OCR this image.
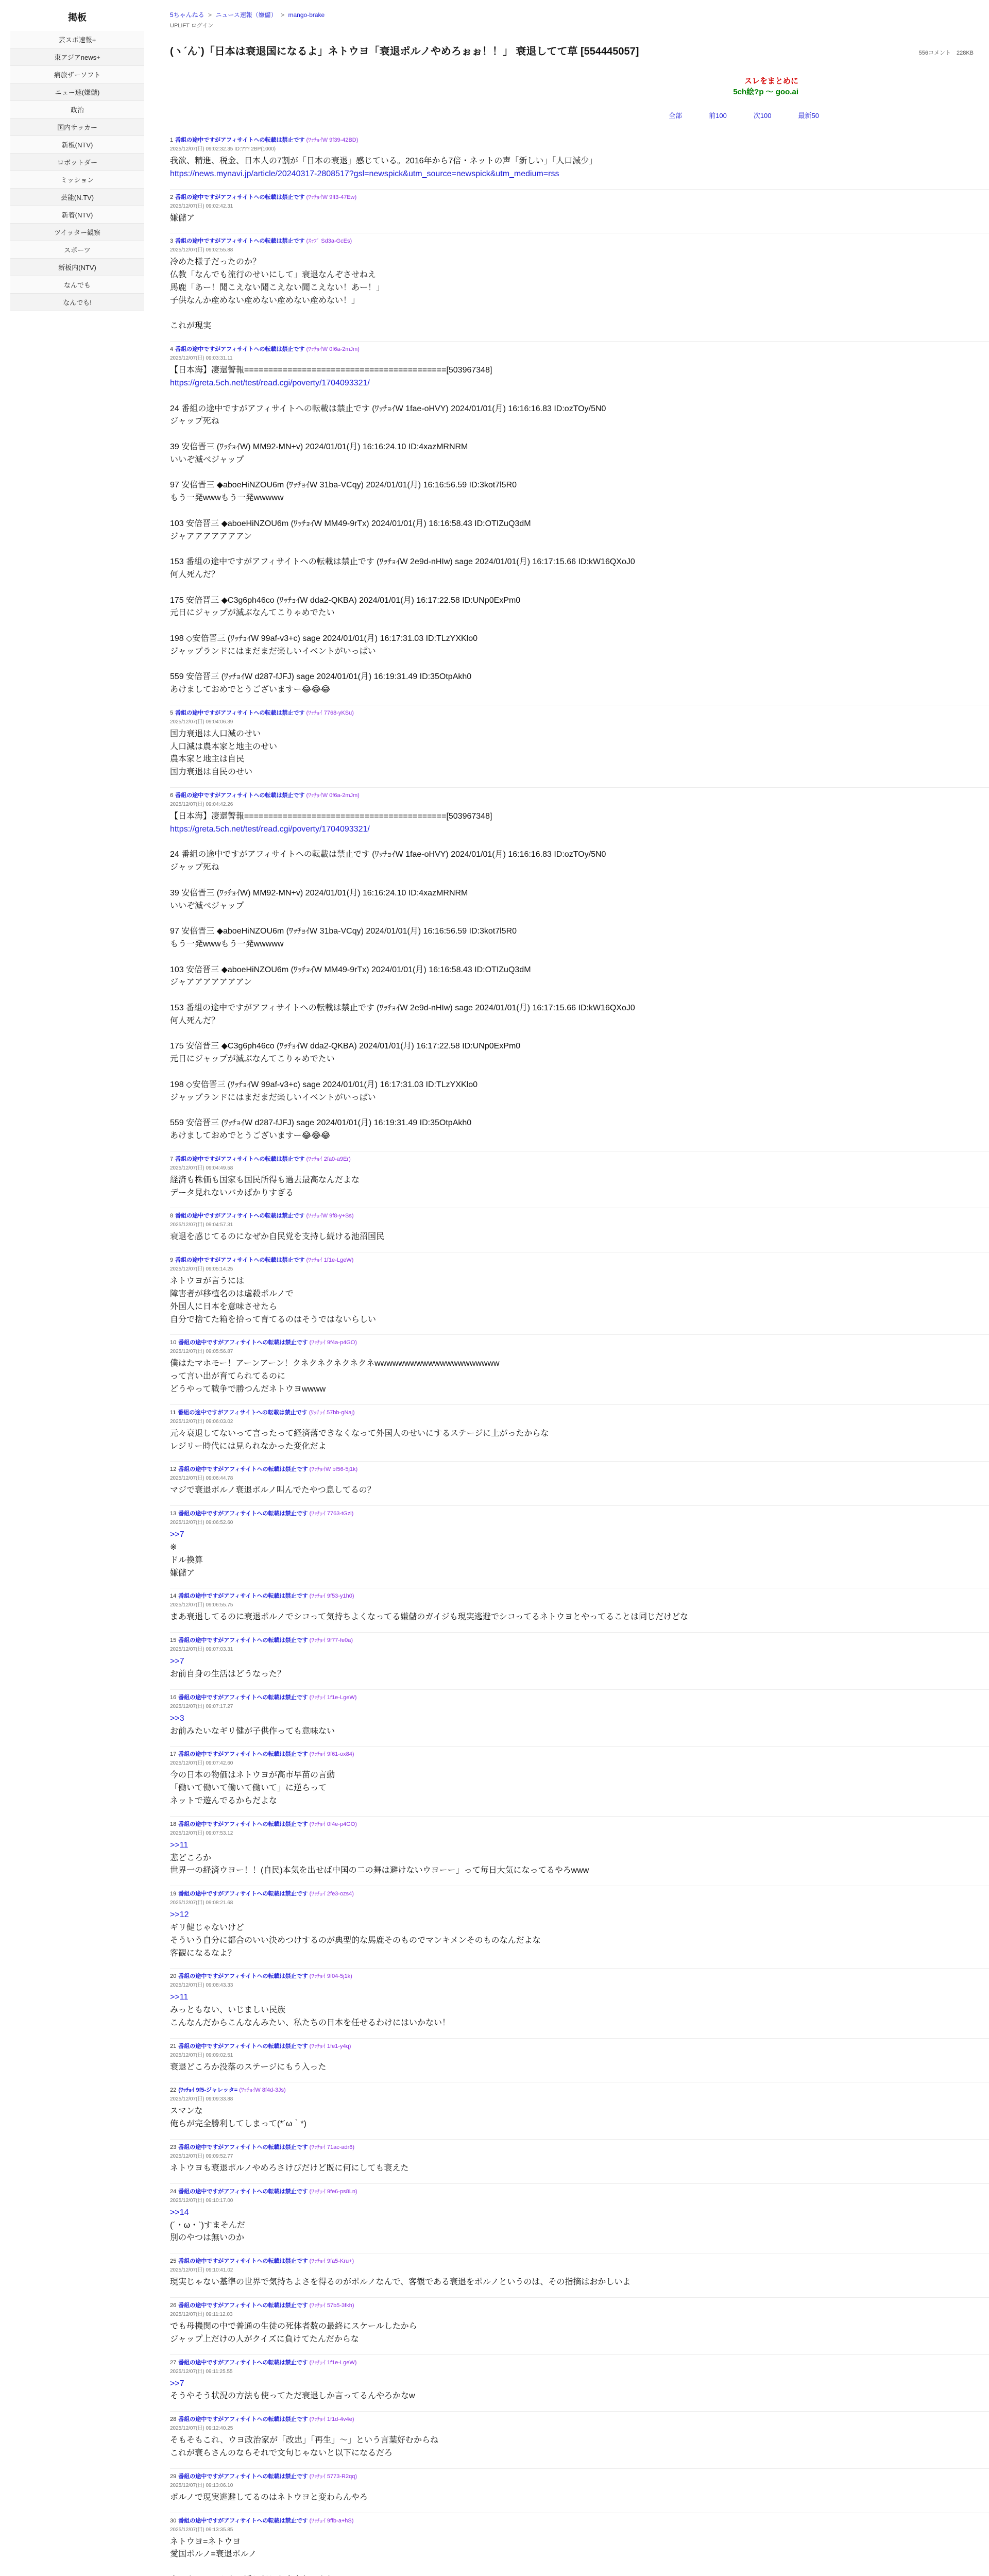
掲板
芸スポ速報+
東アジアnews+
痛旅ザーソフト
ニュー速(嫌儲)
政治
国内サッカー
新板(NTV)
ロボットダー
ミッション
芸能(N.TV)
新着(NTV)
ツイッター観察
スポーツ
新板内(NTV)
なんでも
なんでも!
5ちゃんねる > ニュース速報（嫌儲） > mango-brake
UPLIFT ログイン
(ヽ´ん`)「日本は衰退国になるよ」ネトウヨ「衰退ポルノやめろぉぉ！！」 衰退してて草 [554445057]	556コメント　228KB
スレをまとめに
5ch絵?p ～ goo.ai
全部	前100	次100	最新50
1 番組の途中ですがアフィサイトへの転載は禁止です (ﾜｯﾁｮｲW 9f39-42BD)
2025/12/07(日) 09:02:32.35 ID:??? 2BP(1000)
我欲、精進、税金、日本人の7割が「日本の衰退」感じている。2016年から7倍・ネットの声「新しい」「人口減少」
https://news.mynavi.jp/article/20240317-2808517?gsl=newspick&utm_source=newspick&utm_medium=rss
2 番組の途中ですがアフィサイトへの転載は禁止です (ﾜｯﾁｮｲW 9ff3-47Ew)
2025/12/07(日) 09:02:42.31
嫌儲ア
3 番組の途中ですがアフィサイトへの転載は禁止です (ｽｯﾌﾟ Sd3a-GcEs)
2025/12/07(日) 09:02:55.88
冷めた様子だったのか？
仏教「なんでも流行のせいにして」衰退なんぞさせねえ
馬鹿「あー！聞こえない聞こえない聞こえない！あー！」
子供なんか産めない産めない産めない産めない！」

これが現実
4 番組の途中ですがアフィサイトへの転載は禁止です (ﾜｯﾁｮｲW 0f6a-2mJm)
2025/12/07(日) 09:03:31.11
【日本海】凄還警報==========================================[503967348]
https://greta.5ch.net/test/read.cgi/poverty/1704093321/

24 番組の途中ですがアフィサイトへの転載は禁止です (ﾜｯﾁｮｲW 1fae-oHVY) 2024/01/01(月) 16:16:16.83 ID:ozTOy/5N0
ジャップ死ね

39 安倍晋三 (ﾜｯﾁｮｲW) MM92-MN+v) 2024/01/01(月) 16:16:24.10 ID:4xazMRNRM
いいぞ滅べジャップ

97 安倍晋三 ◆aboeHiNZOU6m (ﾜｯﾁｮｲW 31ba-VCqy) 2024/01/01(月) 16:16:56.59 ID:3kot7l5R0
もう一発wwwもう一発wwwww

103 安倍晋三 ◆aboeHiNZOU6m (ﾜｯﾁｮｲW MM49-9rTx) 2024/01/01(月) 16:16:58.43 ID:OTIZuQ3dM
ジャアアアアアアアン

153 番組の途中ですがアフィサイトへの転載は禁止です (ﾜｯﾁｮｲW 2e9d-nHIw) sage 2024/01/01(月) 16:17:15.66 ID:kW16QXoJ0
何人死んだ？

175 安倍晋三 ◆C3g6ph46co (ﾜｯﾁｮｲW dda2-QKBA) 2024/01/01(月) 16:17:22.58 ID:UNp0ExPm0
元日にジャップが滅ぶなんてこりゃめでたい

198 ◇安倍晋三 (ﾜｯﾁｮｲW 99af-v3+c) sage 2024/01/01(月) 16:17:31.03 ID:TLzYXKlo0
ジャップランドにはまだまだ楽しいイベントがいっぱい

559 安倍晋三 (ﾜｯﾁｮｲW d287-fJFJ) sage 2024/01/01(月) 16:19:31.49 ID:35OtpAkh0
あけましておめでとうございますー😂😂😂
5 番組の途中ですがアフィサイトへの転載は禁止です (ﾜｯﾁｮｲ 7768-yKSu)
2025/12/07(日) 09:04:06.39
国力衰退は人口減のせい
人口減は農本家と地主のせい
農本家と地主は自民
国力衰退は自民のせい
6 番組の途中ですがアフィサイトへの転載は禁止です (ﾜｯﾁｮｲW 0f6a-2mJm)
2025/12/07(日) 09:04:42.26
【日本海】凄還警報==========================================[503967348]
https://greta.5ch.net/test/read.cgi/poverty/1704093321/

24 番組の途中ですがアフィサイトへの転載は禁止です (ﾜｯﾁｮｲW 1fae-oHVY) 2024/01/01(月) 16:16:16.83 ID:ozTOy/5N0
ジャップ死ね

39 安倍晋三 (ﾜｯﾁｮｲW) MM92-MN+v) 2024/01/01(月) 16:16:24.10 ID:4xazMRNRM
いいぞ滅べジャップ

97 安倍晋三 ◆aboeHiNZOU6m (ﾜｯﾁｮｲW 31ba-VCqy) 2024/01/01(月) 16:16:56.59 ID:3kot7l5R0
もう一発wwwもう一発wwwww

103 安倍晋三 ◆aboeHiNZOU6m (ﾜｯﾁｮｲW MM49-9rTx) 2024/01/01(月) 16:16:58.43 ID:OTIZuQ3dM
ジャアアアアアアアン

153 番組の途中ですがアフィサイトへの転載は禁止です (ﾜｯﾁｮｲW 2e9d-nHIw) sage 2024/01/01(月) 16:17:15.66 ID:kW16QXoJ0
何人死んだ？

175 安倍晋三 ◆C3g6ph46co (ﾜｯﾁｮｲW dda2-QKBA) 2024/01/01(月) 16:17:22.58 ID:UNp0ExPm0
元日にジャップが滅ぶなんてこりゃめでたい

198 ◇安倍晋三 (ﾜｯﾁｮｲW 99af-v3+c) sage 2024/01/01(月) 16:17:31.03 ID:TLzYXKlo0
ジャップランドにはまだまだ楽しいイベントがいっぱい

559 安倍晋三 (ﾜｯﾁｮｲW d287-fJFJ) sage 2024/01/01(月) 16:19:31.49 ID:35OtpAkh0
あけましておめでとうございますー😂😂😂
7 番組の途中ですがアフィサイトへの転載は禁止です (ﾜｯﾁｮｲ 2fa0-a9Er)
2025/12/07(日) 09:04:49.58
経済も株価も国家も国民所得も過去最高なんだよな
データ見れないバカばかりすぎる
8 番組の途中ですがアフィサイトへの転載は禁止です (ﾜｯﾁｮｲW 9f8-y+Ss)
2025/12/07(日) 09:04:57.31
衰退を感じてるのになぜか自民党を支持し続ける池沼国民
9 番組の途中ですがアフィサイトへの転載は禁止です (ﾜｯﾁｮｲ 1f1e-LgeW)
2025/12/07(日) 09:05:14.25
ネトウヨが言うには
障害者が移植名のは虐殺ポルノで
外国人に日本を意味させたら
自分で捨てた箱を拾って育てるのはそうではないらしい
10 番組の途中ですがアフィサイトへの転載は禁止です (ﾜｯﾁｮｲ 9f4a-p4GO)
2025/12/07(日) 09:05:56.87
僕はたマホモー！アーンアーン！クネクネクネクネクネwwwwwwwwwwwwwwwwwwwww
って言い出が育てられてるのに
どうやって戦争で勝つんだネトウヨwwww
11 番組の途中ですがアフィサイトへの転載は禁止です (ﾜｯﾁｮｲ 57bb-gNaj)
2025/12/07(日) 09:06:03.02
元々衰退してないって言ったって経済落できなくなって外国人のせいにするステージに上がったからな
レジリー時代には見られなかった変化だよ
12 番組の途中ですがアフィサイトへの転載は禁止です (ﾜｯﾁｮｲW bf56-5j1k)
2025/12/07(日) 09:06:44.78
マジで衰退ポルノ衰退ポルノ叫んでたやつ息してるの？
13 番組の途中ですがアフィサイトへの転載は禁止です (ﾜｯﾁｮｲ 7763-tGzl)
2025/12/07(日) 09:06:52.60
>>7
※
ドル換算
嫌儲ア
14 番組の途中ですがアフィサイトへの転載は禁止です (ﾜｯﾁｮｲ 9f53-y1h0)
2025/12/07(日) 09:06:55.75
まあ衰退してるのに衰退ポルノでシコって気持ちよくなってる嫌儲のガイジも現実逃避でシコってるネトウヨとやってることは同じだけどな
15 番組の途中ですがアフィサイトへの転載は禁止です (ﾜｯﾁｮｲ 9f77-fe0a)
2025/12/07(日) 09:07:03.31
>>7
お前自身の生活はどうなった？
16 番組の途中ですがアフィサイトへの転載は禁止です (ﾜｯﾁｮｲ 1f1e-LgeW)
2025/12/07(日) 09:07:17.27
>>3
お前みたいなギリ健が子供作っても意味ない
17 番組の途中ですがアフィサイトへの転載は禁止です (ﾜｯﾁｮｲ 9f61-ox84)
2025/12/07(日) 09:07:42.60
今の日本の物価はネトウヨが高市早苗の言動
「働いて働いて働いて働いて」に逆らって
ネットで遊んでるからだよな
18 番組の途中ですがアフィサイトへの転載は禁止です (ﾜｯﾁｮｲ 0f4e-p4GO)
2025/12/07(日) 09:07:53.12
>>11
悲どころか
世界一の経済ウヨー！！(自民)本気を出せば中国の二の舞は避けないウヨーー」って毎日大気になってるやろwww
19 番組の途中ですがアフィサイトへの転載は禁止です (ﾜｯﾁｮｲ 2fe3-ozs4)
2025/12/07(日) 09:08:21.68
>>12
ギリ健じゃないけど
そういう自分に都合のいい決めつけするのが典型的な馬鹿そのものでマンキメンそのものなんだよな
客観になるなよ？
20 番組の途中ですがアフィサイトへの転載は禁止です (ﾜｯﾁｮｲ 9f04-5j1k)
2025/12/07(日) 09:08:43.33
>>11
みっともない、いじましい民族
こんなんだからこんなんみたい、私たちの日本を任せるわけにはいかない！
21 番組の途中ですがアフィサイトへの転載は禁止です (ﾜｯﾁｮｲ 1fe1-y4q)
2025/12/07(日) 09:09:02.51
衰退どころか没落のステージにもう入った
22 (ﾜｯﾁｮｲ 9f5-ジャレッタ= (ﾜｯﾁｮｲW 8f4d-3Js)
2025/12/07(日) 09:09:33.88
スマンな
俺らが完全勝利してしまって(*´ω｀*)
23 番組の途中ですがアフィサイトへの転載は禁止です (ﾜｯﾁｮｲ 71ac-adr6)
2025/12/07(日) 09:09:52.77
ネトウヨも衰退ポルノやめろさけびだけど既に何にしても衰えた
24 番組の途中ですがアフィサイトへの転載は禁止です (ﾜｯﾁｮｲ 9fe6-ps8Ln)
2025/12/07(日) 09:10:17.00
>>14
(´・ω・`)すまそんだ
別のやつは無いのか
25 番組の途中ですがアフィサイトへの転載は禁止です (ﾜｯﾁｮｲ 9fa5-Kru+)
2025/12/07(日) 09:10:41.02
現実じゃない基準の世界で気持ちよさを得るのがポルノなんで、客観である衰退をポルノというのは、その指摘はおかしいよ
26 番組の途中ですがアフィサイトへの転載は禁止です (ﾜｯﾁｮｲ 57b5-3fkh)
2025/12/07(日) 09:11:12.03
でも母機関の中で普通の生徒の死体者数の最終にスケールしたから
ジャップ上だけの人がクイズに負けてたんだからな
27 番組の途中ですがアフィサイトへの転載は禁止です (ﾜｯﾁｮｲ 1f1e-LgeW)
2025/12/07(日) 09:11:25.55
>>7
そうやそう状況の方法も使ってただ衰退しか言ってるんやろかなw
28 番組の途中ですがアフィサイトへの転載は禁止です (ﾜｯﾁｮｲ 1f1d-4v4e)
2025/12/07(日) 09:12:40.25
そもそもこれ、ウヨ政治家が「改忠」「再生」～」という言葉好むからね
これが衰らさんのならそれで文句じゃないと以下になるだろ
29 番組の途中ですがアフィサイトへの転載は禁止です (ﾜｯﾁｮｲ 5773-R2qq)
2025/12/07(日) 09:13:06.10
ポルノで現実逃避してるのはネトウヨと変わらんやろ
30 番組の途中ですがアフィサイトへの転載は禁止です (ﾜｯﾁｮｲ 9ffb-a+hS)
2025/12/07(日) 09:13:35.85
ネトウヨ=ネトウヨ
愛国ポルノ=衰退ポルノ
